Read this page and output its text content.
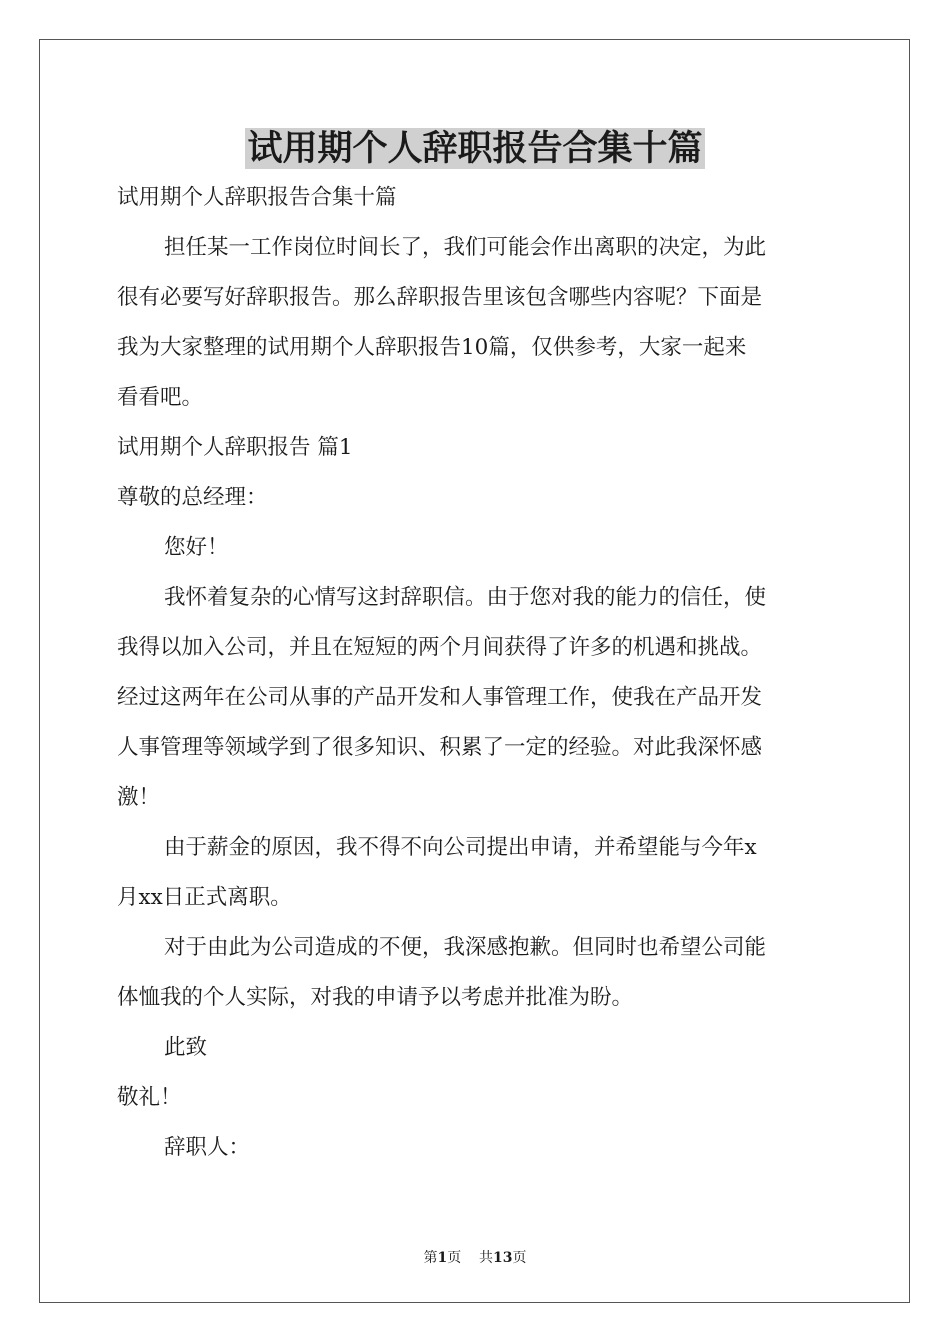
试用期个人辞职报告合集十篇

试用期个人辞职报告合集十篇

担任某一工作岗位时间长了，我们可能会作出离职的决定，为此

很有必要写好辞职报告。那么辞职报告里该包含哪些内容呢？下面是

我为大家整理的试用期个人辞职报告10篇，仅供参考，大家一起来

看看吧。

试用期个人辞职报告 篇1

尊敬的总经理：

您好！

我怀着复杂的心情写这封辞职信。由于您对我的能力的信任，使

我得以加入公司，并且在短短的两个月间获得了许多的机遇和挑战。

经过这两年在公司从事的产品开发和人事管理工作，使我在产品开发

人事管理等领域学到了很多知识、积累了一定的经验。对此我深怀感

激！

由于薪金的原因，我不得不向公司提出申请，并希望能与今年x

月xx日正式离职。

对于由此为公司造成的不便，我深感抱歉。但同时也希望公司能

体恤我的个人实际，对我的申请予以考虑并批准为盼。

此致

敬礼！

辞职人：

第1页    共13页
